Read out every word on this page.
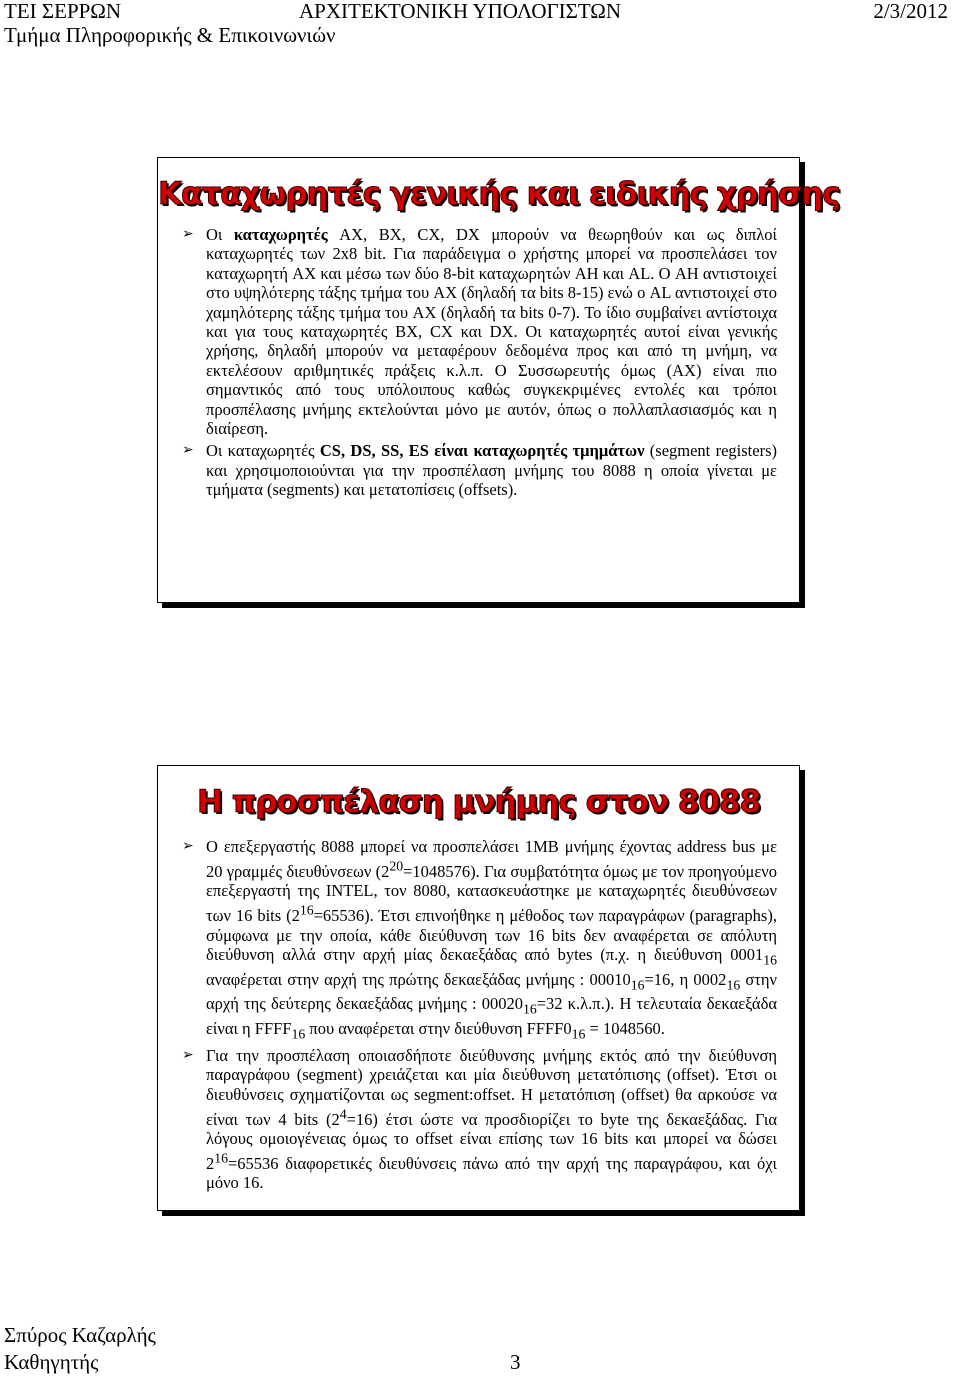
ΤΕΙ ΣΕΡΡΩΝ	ΑΡΧΙΤΕΚΤΟΝΙΚΗ ΥΠΟΛΟΓΙΣΤΩΝ	2/3/2012
Τμήμα Πληροφορικής & Επικοινωνιών
Καταχωρητές γενικής και ειδικής χρήσης
➢ Οι καταχωρητές AX, BX, CX, DX μπορούν να θεωρηθούν και ως διπλοί καταχωρητές των 2x8 bit. Για παράδειγμα ο χρήστης μπορεί να προσπελάσει τον καταχωρητή AX και μέσω των δύο 8-bit καταχωρητών AH και AL. Ο AH αντιστοιχεί στο υψηλότερης τάξης τμήμα του AX (δηλαδή τα bits 8-15) ενώ ο AL αντιστοιχεί στο χαμηλότερης τάξης τμήμα του AX (δηλαδή τα bits 0-7). Το ίδιο συμβαίνει αντίστοιχα και για τους καταχωρητές BX, CX και DX. Οι καταχωρητές αυτοί είναι γενικής χρήσης, δηλαδή μπορούν να μεταφέρουν δεδομένα προς και από τη μνήμη, να εκτελέσουν αριθμητικές πράξεις κ.λ.π. Ο Συσσωρευτής όμως (AX) είναι πιο σημαντικός από τους υπόλοιπους καθώς συγκεκριμένες εντολές και τρόποι προσπέλασης μνήμης εκτελούνται μόνο με αυτόν, όπως ο πολλαπλασιασμός και η διαίρεση.
➢ Οι καταχωρητές CS, DS, SS, ES είναι καταχωρητές τμημάτων (segment registers) και χρησιμοποιούνται για την προσπέλαση μνήμης του 8088 η οποία γίνεται με τμήματα (segments) και μετατοπίσεις (offsets).
Η προσπέλαση μνήμης στον 8088
➢ Ο επεξεργαστής 8088 μπορεί να προσπελάσει 1MB μνήμης έχοντας address bus με 20 γραμμές διευθύνσεων $(2^{20}=1048576)$. Για συμβατότητα όμως με τον προηγούμενο επεξεργαστή της INTEL, τον 8080, κατασκευάστηκε με καταχωρητές διευθύνσεων των 16 bits $(2^{16}=65536)$. Έτσι επινοήθηκε η μέθοδος των παραγράφων (paragraphs), σύμφωνα με την οποία, κάθε διεύθυνση των 16 bits δεν αναφέρεται σε απόλυτη διεύθυνση αλλά στην αρχή μίας δεκαεξάδας από bytes (π.χ. η διεύθυνση $0001_{16}$ αναφέρεται στην αρχή της πρώτης δεκαεξάδας μνήμης : $00010_{16}=16$, η $0002_{16}$ στην αρχή της δεύτερης δεκαεξάδας μνήμης : $00020_{16}=32$ κ.λ.π.). Η τελευταία δεκαεξάδα είναι η $FFFF_{16}$ που αναφέρεται στην διεύθυνση $FFFF0_{16} = 1048560$.
➢ Για την προσπέλαση οποιασδήποτε διεύθυνσης μνήμης εκτός από την διεύθυνση παραγράφου (segment) χρειάζεται και μία διεύθυνση μετατόπισης (offset). Έτσι οι διευθύνσεις σχηματίζονται ως segment:offset. Η μετατόπιση (offset) θα αρκούσε να είναι των 4 bits $(2^4=16)$ έτσι ώστε να προσδιορίζει το byte της δεκαεξάδας. Για λόγους ομοιογένειας όμως το offset είναι επίσης των 16 bits και μπορεί να δώσει $2^{16}=65536$ διαφορετικές διευθύνσεις πάνω από την αρχή της παραγράφου, και όχι μόνο 16.
Σπύρος Καζαρλής
Καθηγητής	3
